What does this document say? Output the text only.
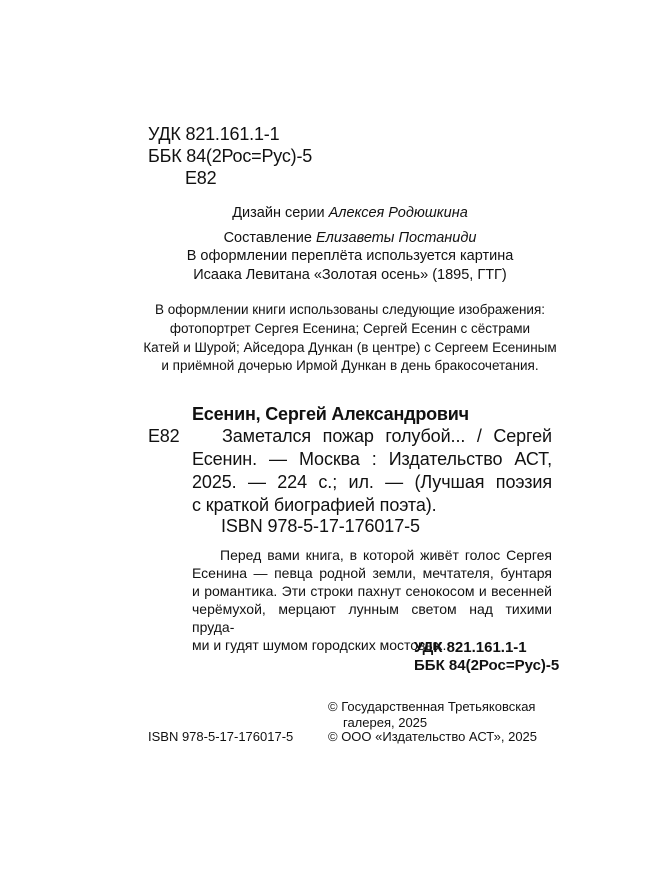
УДК 821.161.1-1
ББК 84(2Рос=Рус)-5
Е82
Дизайн серии Алексея Родюшкина
Составление Елизаветы Постаниди
В оформлении переплёта используется картина
Исаака Левитана «Золотая осень» (1895, ГТГ)
В оформлении книги использованы следующие изображения:
фотопортрет Сергея Есенина; Сергей Есенин с сёстрами
Катей и Шурой; Айседора Дункан (в центре) с Сергеем Есениным
и приёмной дочерью Ирмой Дункан в день бракосочетания.
Есенин, Сергей Александрович
Е82	Заметался пожар голубой... / Сергей
Есенин. — Москва : Издательство АСТ,
2025. — 224 с.; ил. — (Лучшая поэзия
с краткой биографией поэта).
ISBN 978-5-17-176017-5
Перед вами книга, в которой живёт голос Сергея
Есенина — певца родной земли, мечтателя, бунтаря
и романтика. Эти строки пахнут сенокосом и весенней
черёмухой, мерцают лунным светом над тихими пруда-
ми и гудят шумом городских мостовых.
УДК 821.161.1-1
ББК 84(2Рос=Рус)-5
© Государственная Третьяковская
галерея, 2025
ISBN 978-5-17-176017-5	© ООО «Издательство АСТ», 2025
